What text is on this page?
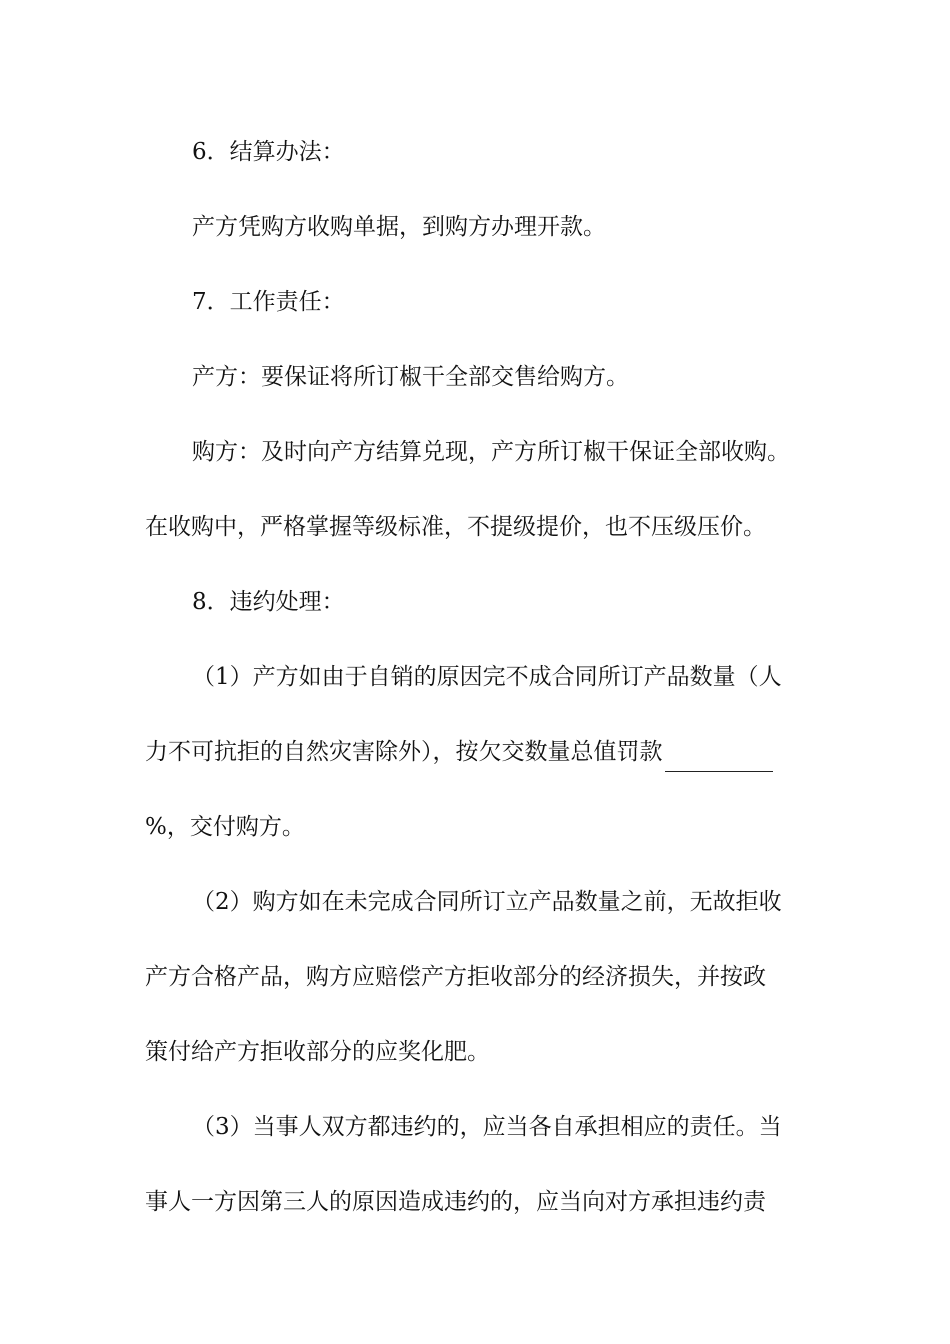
6．结算办法：
产方凭购方收购单据，到购方办理开款。
7．工作责任：
产方：要保证将所订椒干全部交售给购方。
购方：及时向产方结算兑现，产方所订椒干保证全部收购。
在收购中，严格掌握等级标准，不提级提价，也不压级压价。
8．违约处理：
（1）产方如由于自销的原因完不成合同所订产品数量（人
力不可抗拒的自然灾害除外），按欠交数量总值罚款
%，交付购方。
（2）购方如在未完成合同所订立产品数量之前，无故拒收
产方合格产品，购方应赔偿产方拒收部分的经济损失，并按政
策付给产方拒收部分的应奖化肥。
（3）当事人双方都违约的，应当各自承担相应的责任。当
事人一方因第三人的原因造成违约的，应当向对方承担违约责
